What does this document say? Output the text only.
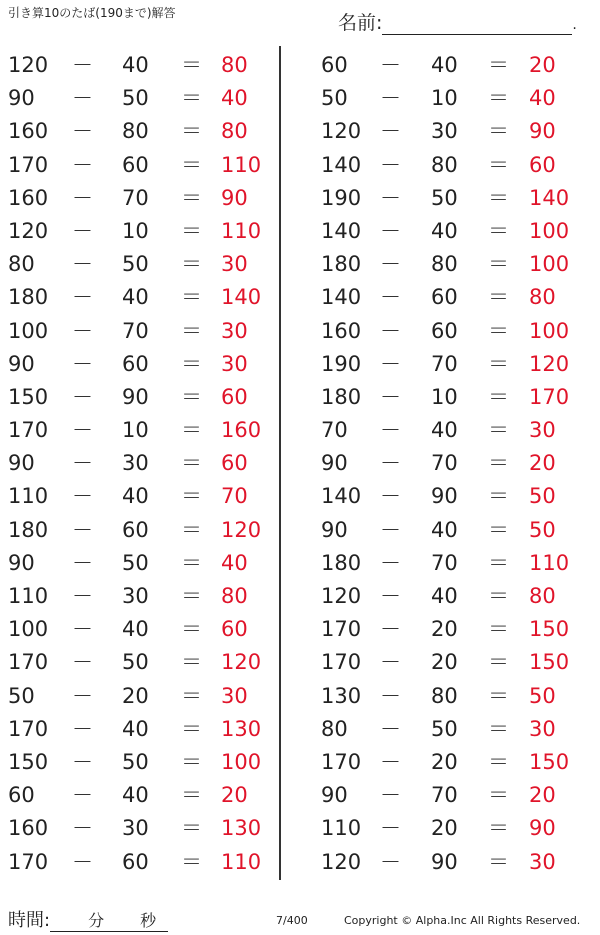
引き算10のたば(190まで)解答	名前:	.
120 － 40 ＝ 80
90 － 50 ＝ 40
160 － 80 ＝ 80
170 － 60 ＝ 110
160 － 70 ＝ 90
120 － 10 ＝ 110
80 － 50 ＝ 30
180 － 40 ＝ 140
100 － 70 ＝ 30
90 － 60 ＝ 30
150 － 90 ＝ 60
170 － 10 ＝ 160
90 － 30 ＝ 60
110 － 40 ＝ 70
180 － 60 ＝ 120
90 － 50 ＝ 40
110 － 30 ＝ 80
100 － 40 ＝ 60
170 － 50 ＝ 120
50 － 20 ＝ 30
170 － 40 ＝ 130
150 － 50 ＝ 100
60 － 40 ＝ 20
160 － 30 ＝ 130
170 － 60 ＝ 110
60 － 40 ＝ 20
50 － 10 ＝ 40
120 － 30 ＝ 90
140 － 80 ＝ 60
190 － 50 ＝ 140
140 － 40 ＝ 100
180 － 80 ＝ 100
140 － 60 ＝ 80
160 － 60 ＝ 100
190 － 70 ＝ 120
180 － 10 ＝ 170
70 － 40 ＝ 30
90 － 70 ＝ 20
140 － 90 ＝ 50
90 － 40 ＝ 50
180 － 70 ＝ 110
120 － 40 ＝ 80
170 － 20 ＝ 150
170 － 20 ＝ 150
130 － 80 ＝ 50
80 － 50 ＝ 30
170 － 20 ＝ 150
90 － 70 ＝ 20
110 － 20 ＝ 90
120 － 90 ＝ 30
時間: 分 秒	7/400	Copyright © Alpha.Inc All Rights Reserved.
